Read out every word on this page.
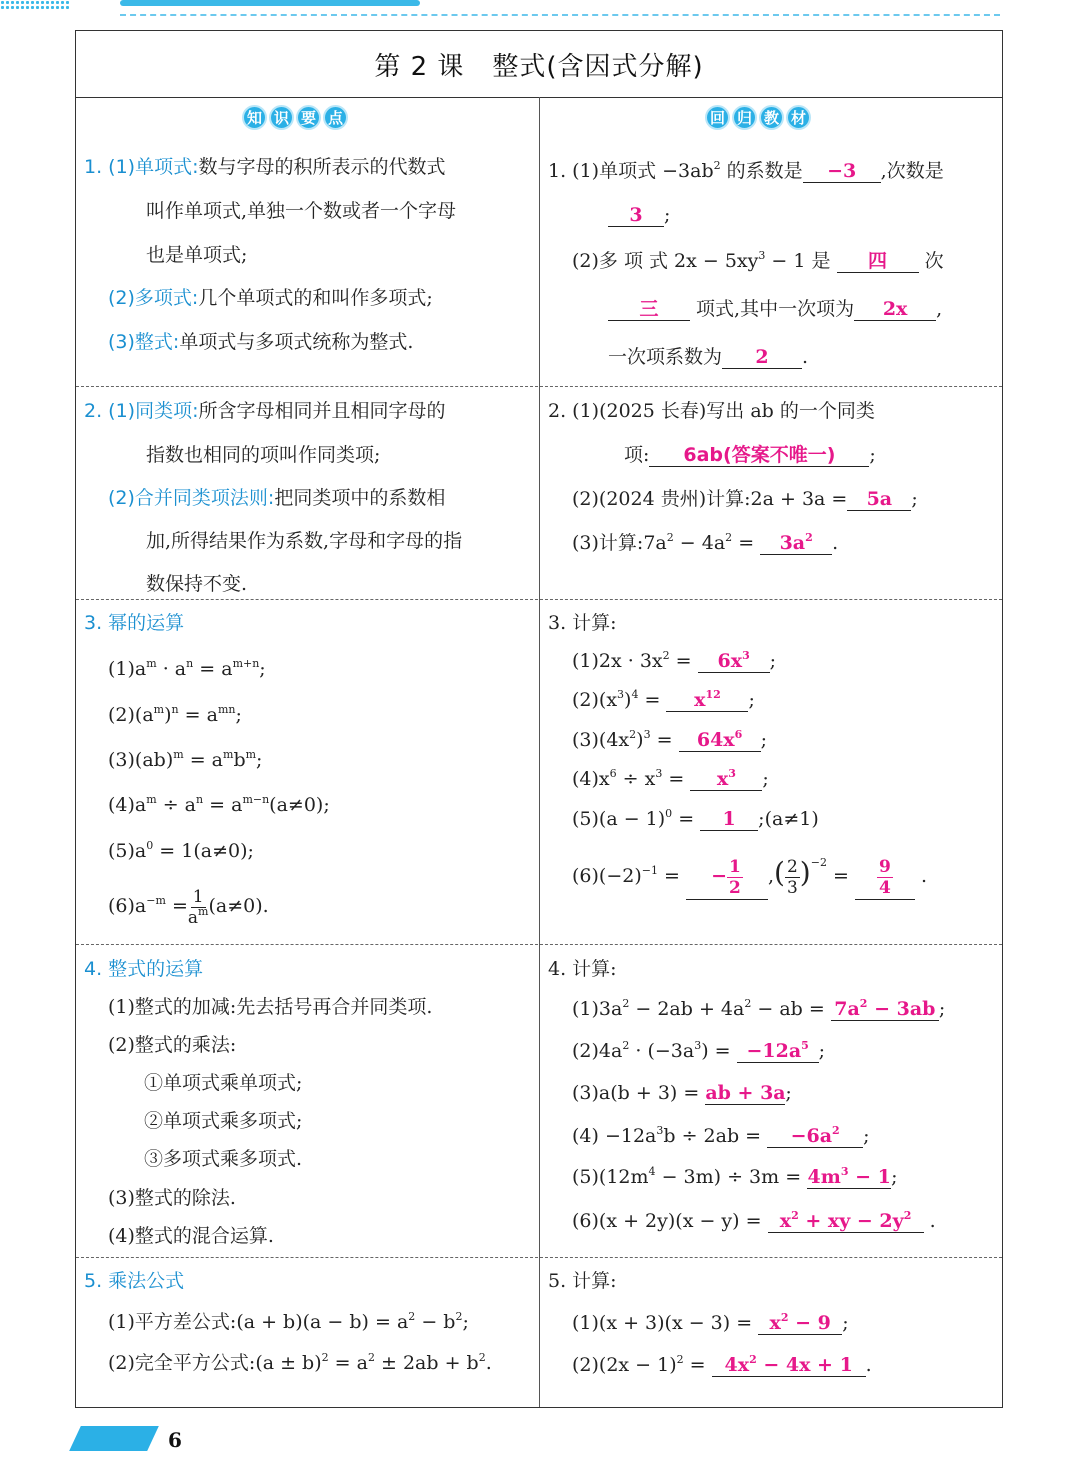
第 2 课 整式(含因式分解)
知 识 要 点	回 归 教 材
1. (1)单项式:数与字母的积所表示的代数式
叫作单项式,单独一个数或者一个字母
也是单项式;
(2)多项式:几个单项式的和叫作多项式;
(3)整式:单项式与多项式统称为整式.
1. (1)单项式 $-3ab^2$ 的系数是 −3 ,次数是
3 ;
(2)多 项 式 $2x - 5xy^3 - 1$ 是 四 次
三 项式,其中一次项为 2x ,
一次项系数为 2 .
2. (1)同类项:所含字母相同并且相同字母的
指数也相同的项叫作同类项;
(2)合并同类项法则:把同类项中的系数相
加,所得结果作为系数,字母和字母的指
数保持不变.
2. (1)(2025 长春)写出 ab 的一个同类
项: 6ab(答案不唯一) ;
(2)(2024 贵州)计算:2a + 3a = 5a ;
(3)计算$:7a^2 - 4a^2 = 3a^2$ .
3. 幂的运算
$(1)a^m \cdot a^n = a^{m+n}$;
$(2)(a^m)^n = a^{mn}$;
$(3)(ab)^m = a^mb^m$;
$(4)a^m \div a^n = a^{m-n}(a\ne 0)$;
$(5)a^0 = 1(a\ne 0)$;
$(6)a^{-m} = \frac{1}{a^m} (a\ne 0)$.
3. 计算:
$(1)2x \cdot 3x^2 = 6x^3$ ;
$(2)(x^3)^4 = x^{12}$ ;
$(3)(4x^2)^3 = 64x^6$ ;
$(4)x^6 \div x^3 = x^3$ ;
$(5)(a - 1)^0 = 1$ ;(a≠1)
$(6)(-2)^{-1}$ = − $\frac{1}{2}$ ,( $\frac{2}{3} )^{-2} = \frac{9}{4}$ .
4. 整式的运算
(1)整式的加减:先去括号再合并同类项.
(2)整式的乘法:
①单项式乘单项式;
②单项式乘多项式;
③多项式乘多项式.
(3)整式的除法.
(4)整式的混合运算.
4. 计算:
$(1)3a^2 - 2ab + 4a^2$ − ab = $7a^2 - 3ab$ ;
$(2)4a^2 \cdot (-3a^3) = -12a^5$ ;
(3)a(b + 3) = ab + 3a;
$(4) -12a^3b \div 2ab = -6a^2$ ;
$(5)(12m^4 - 3m) \div 3m = 4m^3 - 1$;
$(6)(x + 2y)(x - y) = x^2$ + xy − $2y^2$ .
5. 乘法公式
(1)平方差公式:(a + $b)(a - b) = a^2 - b^2$;
(2)完全平方公式:(a ± $b)^2 = a^2 \pm 2ab + b^2$.
5. 计算:
$(1)(x + 3)(x - 3) = x^2 - 9$ ;
$(2)(2x - 1)^2 = 4x^2 - 4x + 1$ .
6
